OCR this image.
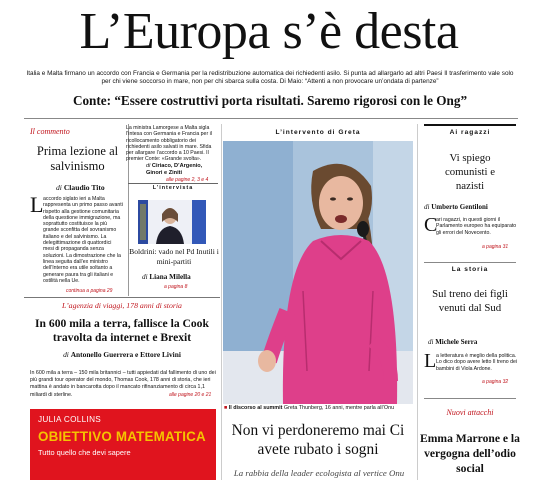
L’Europa s’è desta
Italia e Malta firmano un accordo con Francia e Germania per la redistribuzione automatica dei richiedenti asilo. Si punta ad allargarlo ad altri Paesi Il trasferimento vale solo per chi viene soccorso in mare, non per chi sbarca sulla costa. Di Maio: “Attenti a non provocare un’ondata di partenze”
Conte: “Essere costruttivi porta risultati. Saremo rigorosi con le Ong”
Il commento
Prima lezione al salvinismo
di Claudio Tito
L accordo siglato ieri a Malta rappresenta un primo passo avanti rispetto alla gestione comunitaria della questione immigrazione, ma soprattutto costituisce la più grande sconfitta del sovranismo italiano e del salvinismo. La delegittimazione di quattordici mesi di propaganda senza soluzioni. La dimostrazione che la linea seguita dall’ex ministro dell’Interno era utile soltanto a generare paura tra gli italiani e ostilità nella Ue.
continua a pagina 29
La ministra Lamorgese a Malta sigla l’intesa con Germania e Francia per il ricollocamento obbligatorio dei richiedenti asilo salvati in mare. Sfida per allargare l’accordo a 10 Paesi. Il premier Conte: «Grande svolta».
di Ciriaco, D’Argenio, Ginori e Ziniti
alle pagine 2, 3 e 4
L’intervista
Boldrini: vado nel Pd Inutili i mini-partiti
di Liana Milella
a pagina 8
L’agenzia di viaggi, 178 anni di storia
In 600 mila a terra, fallisce la Cook travolta da internet e Brexit
di Antonello Guerrera e Ettore Livini
In 600 mila a terra – 150 mila britannici – tutti appiedati dal fallimento di uno dei più grandi tour operator del mondo, Thomas Cook, 178 anni di storia, che ieri mattina è andato in bancarotta dopo il mancato rifinanziamento di circa 1,1 miliardi di sterline.	alle pagine 20 e 21
JULIA COLLINS
OBIETTIVO MATEMATICA
Tutto quello che devi sapere
L’intervento di Greta
■ Il discorso al summit Greta Thunberg, 16 anni, mentre parla all’Onu
Non vi perdoneremo mai Ci avete rubato i sogni
La rabbia della leader ecologista al vertice Onu
Ai ragazzi
Vi spiego comunisti e nazisti
di Umberto Gentiloni
C
ari ragazzi, in questi giorni il Parlamento europeo ha equiparato gli errori del Novecento.
a pagina 31
La storia
Sul treno dei figli venuti dal Sud
di Michele Serra
L a letteratura è meglio della politica. Lo dico dopo avere letto Il treno dei bambini di Viola Ardone.
a pagina 32
Nuovi attacchi
Emma Marrone e la vergogna dell’odio social
